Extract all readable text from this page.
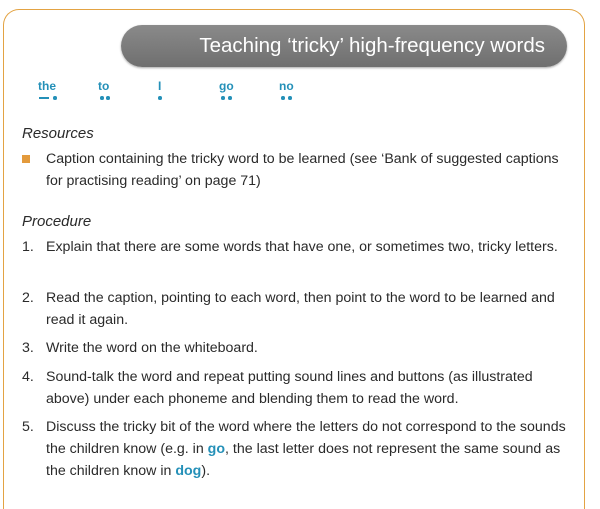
Teaching ‘tricky’ high-frequency words
the	to	I	go	no
Resources
Caption containing the tricky word to be learned (see ‘Bank of suggested captions for practising reading’ on page 71)
Procedure
1. Explain that there are some words that have one, or sometimes two, tricky letters.
2. Read the caption, pointing to each word, then point to the word to be learned and read it again.
3. Write the word on the whiteboard.
4. Sound-talk the word and repeat putting sound lines and buttons (as illustrated above) under each phoneme and blending them to read the word.
5. Discuss the tricky bit of the word where the letters do not correspond to the sounds the children know (e.g. in go, the last letter does not represent the same sound as the children know in dog).
